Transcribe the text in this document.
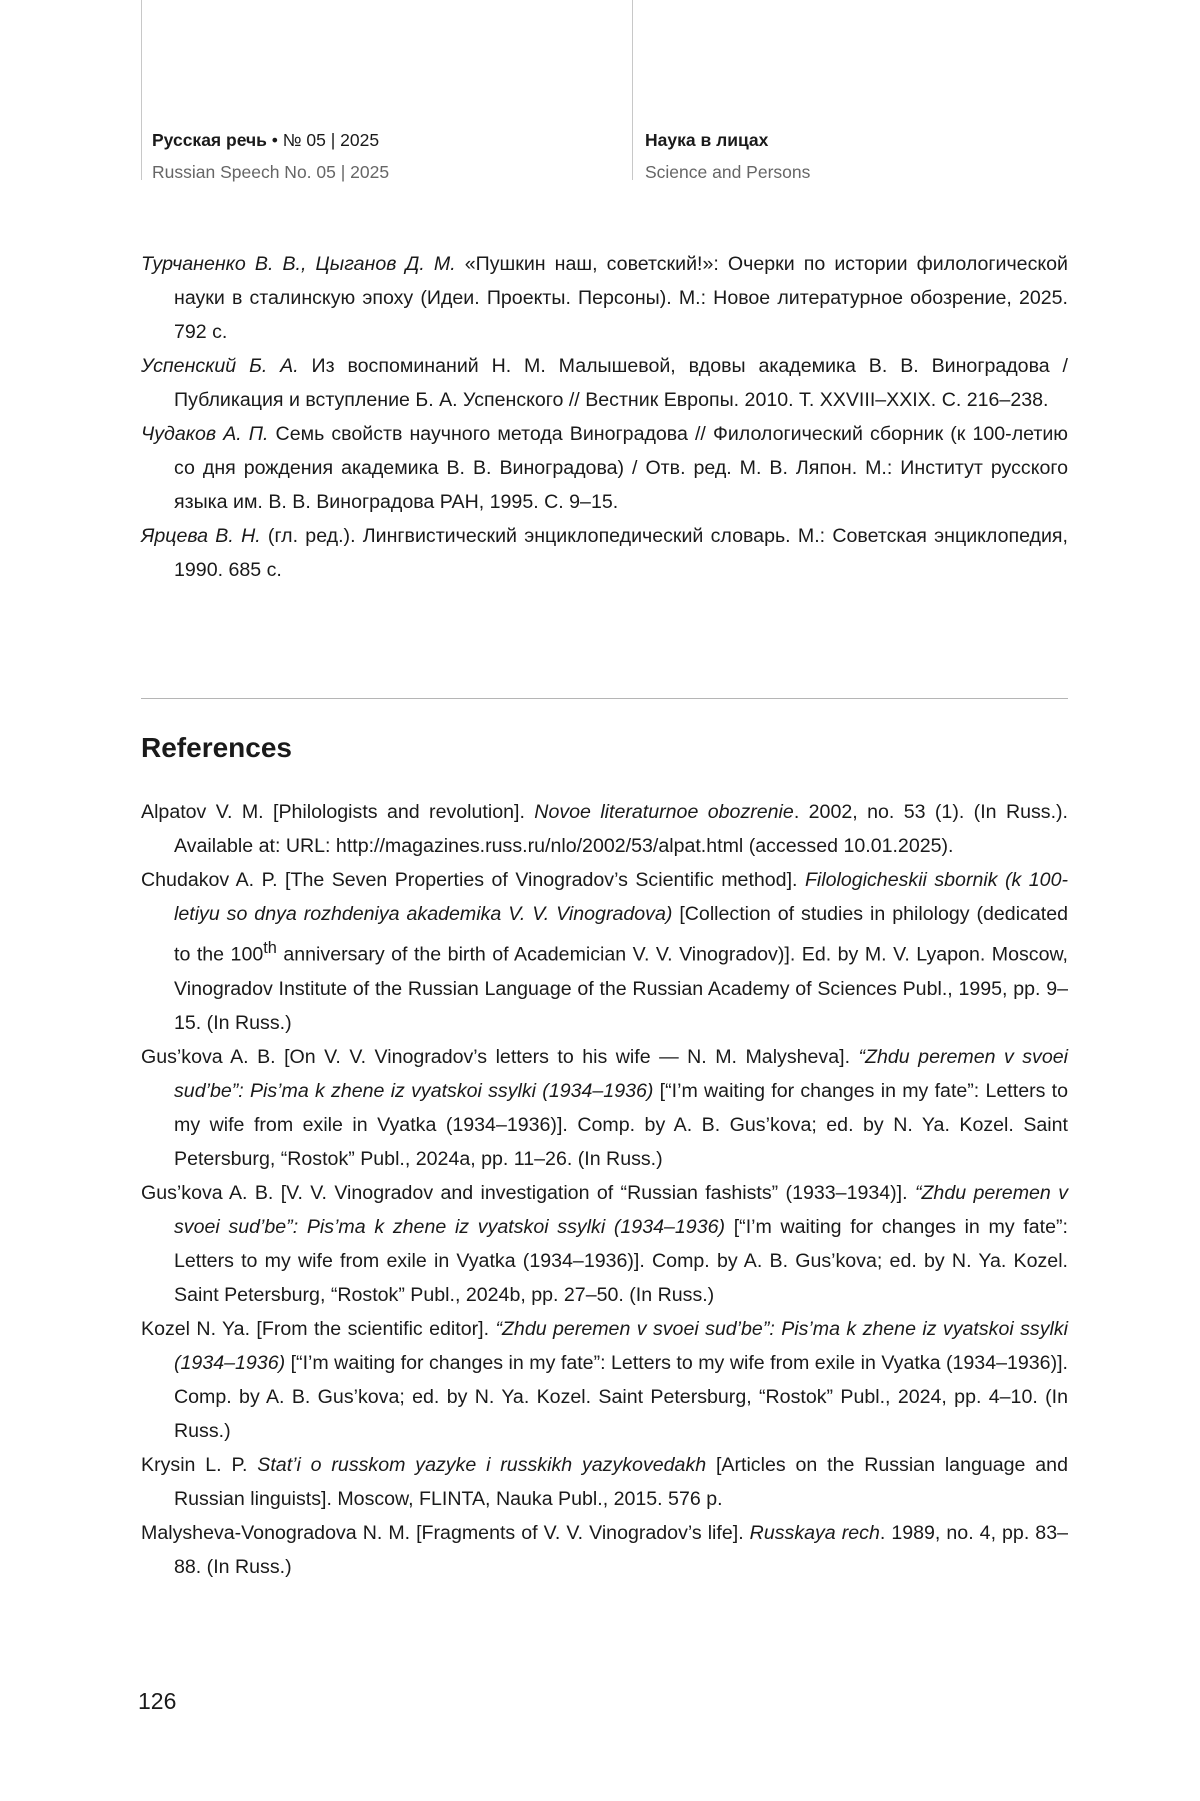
Русская речь • № 05 | 2025
Russian Speech No. 05 | 2025
Наука в лицах
Science and Persons
Турчаненко В. В., Цыганов Д. М. «Пушкин наш, советский!»: Очерки по истории филологической науки в сталинскую эпоху (Идеи. Проекты. Персоны). М.: Новое литературное обозрение, 2025. 792 с.
Успенский Б. А. Из воспоминаний Н. М. Малышевой, вдовы академика В. В. Виноградова / Публикация и вступление Б. А. Успенского // Вестник Европы. 2010. Т. XXVIII–XXIX. С. 216–238.
Чудаков А. П. Семь свойств научного метода Виноградова // Филологический сборник (к 100-летию со дня рождения академика В. В. Виноградова) / Отв. ред. М. В. Ляпон. М.: Институт русского языка им. В. В. Виноградова РАН, 1995. С. 9–15.
Ярцева В. Н. (гл. ред.). Лингвистический энциклопедический словарь. М.: Советская энциклопедия, 1990. 685 с.
References
Alpatov V. M. [Philologists and revolution]. Novoe literaturnoe obozrenie. 2002, no. 53 (1). (In Russ.). Available at: URL: http://magazines.russ.ru/nlo/2002/53/alpat.html (accessed 10.01.2025).
Chudakov A. P. [The Seven Properties of Vinogradov’s Scientific method]. Filologicheskii sbornik (k 100-letiyu so dnya rozhdeniya akademika V. V. Vinogradova) [Collection of studies in philology (dedicated to the 100th anniversary of the birth of Academician V. V. Vinogradov)]. Ed. by M. V. Lyapon. Moscow, Vinogradov Institute of the Russian Language of the Russian Academy of Sciences Publ., 1995, pp. 9–15. (In Russ.)
Gus’kova A. B. [On V. V. Vinogradov’s letters to his wife — N. M. Malysheva]. “Zhdu peremen v svoei sud’be”: Pis’ma k zhene iz vyatskoi ssylki (1934–1936) [“I’m waiting for changes in my fate”: Letters to my wife from exile in Vyatka (1934–1936)]. Comp. by A. B. Gus’kova; ed. by N. Ya. Kozel. Saint Petersburg, “Rostok” Publ., 2024a, pp. 11–26. (In Russ.)
Gus’kova A. B. [V. V. Vinogradov and investigation of “Russian fashists” (1933–1934)]. “Zhdu peremen v svoei sud’be”: Pis’ma k zhene iz vyatskoi ssylki (1934–1936) [“I’m waiting for changes in my fate”: Letters to my wife from exile in Vyatka (1934–1936)]. Comp. by A. B. Gus’kova; ed. by N. Ya. Kozel. Saint Petersburg, “Rostok” Publ., 2024b, pp. 27–50. (In Russ.)
Kozel N. Ya. [From the scientific editor]. “Zhdu peremen v svoei sud’be”: Pis’ma k zhene iz vyatskoi ssylki (1934–1936) [“I’m waiting for changes in my fate”: Letters to my wife from exile in Vyatka (1934–1936)]. Comp. by A. B. Gus’kova; ed. by N. Ya. Kozel. Saint Petersburg, “Rostok” Publ., 2024, pp. 4–10. (In Russ.)
Krysin L. P. Stat’i o russkom yazyke i russkikh yazykovedakh [Articles on the Russian language and Russian linguists]. Moscow, FLINTA, Nauka Publ., 2015. 576 p.
Malysheva-Vonogradova N. M. [Fragments of V. V. Vinogradov’s life]. Russkaya rech. 1989, no. 4, pp. 83–88. (In Russ.)
126
